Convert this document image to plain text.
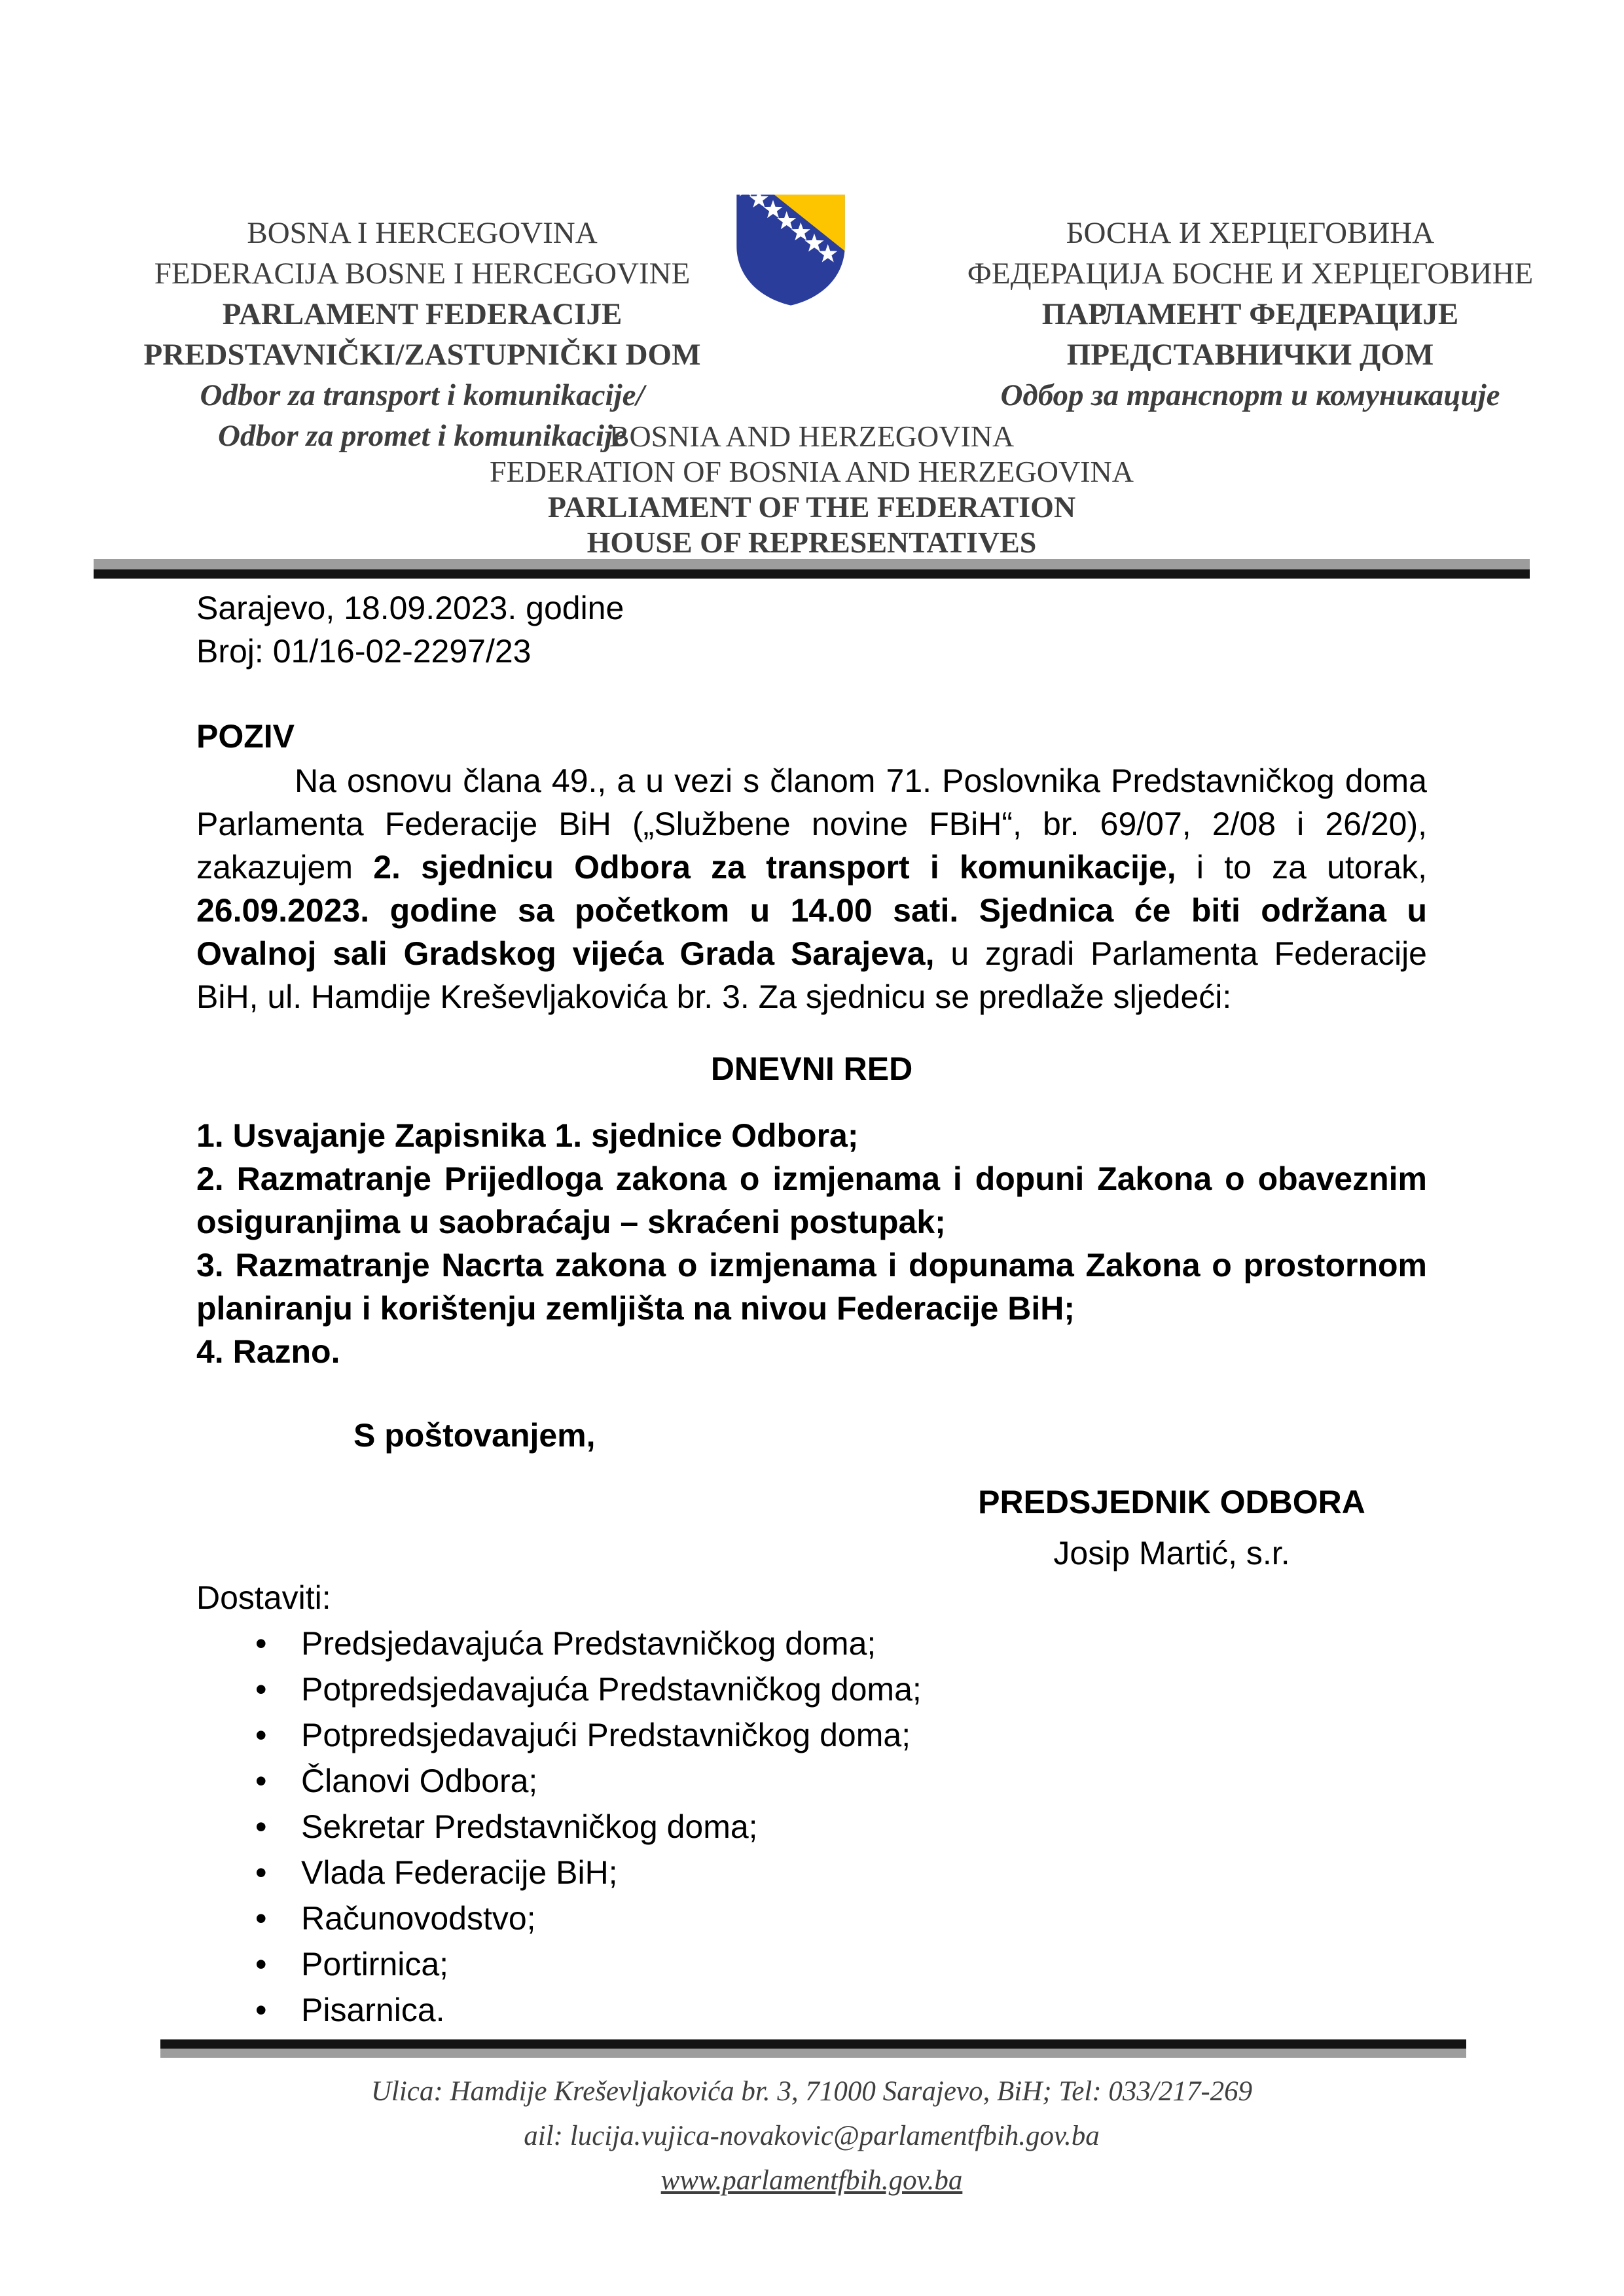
BOSNA I HERCEGOVINA
FEDERACIJA BOSNE I HERCEGOVINE
PARLAMENT FEDERACIJE
PREDSTAVNIČKI/ZASTUPNIČKI DOM
Odbor za transport i komunikacije/
Odbor za promet i komunikacije
БОСНА И ХЕРЦЕГОВИНА
ФЕДЕРАЦИЈА БОСНЕ И ХЕРЦЕГОВИНЕ
ПАРЛАМЕНТ ФЕДЕРАЦИЈЕ
ПРЕДСТАВНИЧКИ ДОМ
Одбор за транспорт и комуникације
BOSNIA AND HERZEGOVINA
FEDERATION OF BOSNIA AND HERZEGOVINA
PARLIAMENT OF THE FEDERATION
HOUSE OF REPRESENTATIVES
Sarajevo, 18.09.2023. godine
Broj: 01/16-02-2297/23
POZIV

Na osnovu člana 49., a u vezi s članom 71. Poslovnika Predstavničkog doma Parlamenta Federacije BiH („Službene novine FBiH“, br. 69/07, 2/08 i 26/20), zakazujem 2. sjednicu Odbora za transport i komunikacije, i to za utorak, 26.09.2023. godine sa početkom u 14.00 sati. Sjednica će biti održana u Ovalnoj sali Gradskog vijeća Grada Sarajeva, u zgradi Parlamenta Federacije BiH, ul. Hamdije Kreševljakovića br. 3. Za sjednicu se predlaže sljedeći:

DNEVNI RED

1. Usvajanje Zapisnika 1. sjednice Odbora;

2. Razmatranje Prijedloga zakona o izmjenama i dopuni Zakona o obaveznim osiguranjima u saobraćaju – skraćeni postupak;

3. Razmatranje Nacrta zakona o izmjenama i dopunama Zakona o prostornom planiranju i korištenju zemljišta na nivou Federacije BiH;

4. Razno.

S poštovanjem,
PREDSJEDNIK ODBORA
Josip Martić, s.r.
Dostaviti:
• Predsjedavajuća Predstavničkog doma;
• Potpredsjedavajuća Predstavničkog doma;
• Potpredsjedavajući Predstavničkog doma;
• Članovi Odbora;
• Sekretar Predstavničkog doma;
• Vlada Federacije BiH;
• Računovodstvo;
• Portirnica;
• Pisarnica.
Ulica: Hamdije Kreševljakovića br. 3, 71000 Sarajevo, BiH; Tel: 033/217-269
ail: lucija.vujica-novakovic@parlamentfbih.gov.ba
www.parlamentfbih.gov.ba
